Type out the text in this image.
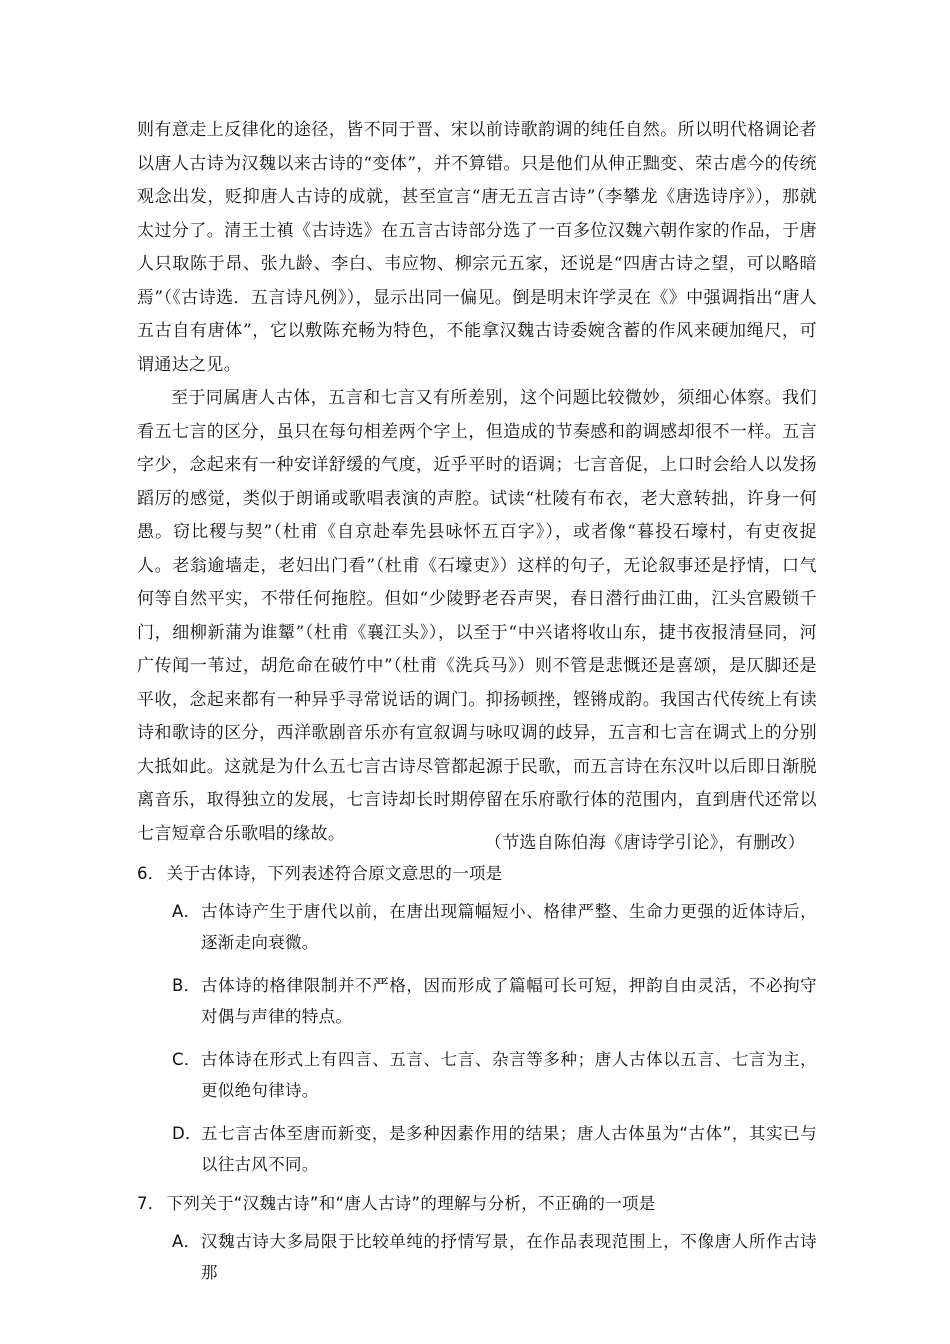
则有意走上反律化的途径，皆不同于晋、宋以前诗歌韵调的纯任自然。所以明代格调论者以唐人古诗为汉魏以来古诗的“变体”，并不算错。只是他们从伸正黜变、荣古虐今的传统观念出发，贬抑唐人古诗的成就，甚至宣言“唐无五言古诗”（李攀龙《唐选诗序》），那就太过分了。清王士禛《古诗选》在五言古诗部分选了一百多位汉魏六朝作家的作品，于唐人只取陈于昂、张九龄、李白、韦应物、柳宗元五家，还说是“四唐古诗之望，可以略暗焉”（《古诗选．五言诗凡例》），显示出同一偏见。倒是明末许学灵在《》中强调指出“唐人五古自有唐体”，它以敷陈充畅为特色，不能拿汉魏古诗委婉含蓄的作风来硬加绳尺，可谓通达之见。

至于同属唐人古体，五言和七言又有所差别，这个问题比较微妙，须细心体察。我们看五七言的区分，虽只在每句相差两个字上，但造成的节奏感和韵调感却很不一样。五言字少，念起来有一种安详舒缓的气度，近乎平时的语调；七言音促，上口时会给人以发扬蹈厉的感觉，类似于朗诵或歌唱表演的声腔。试读“杜陵有布衣，老大意转拙，许身一何愚。窃比稷与契”（杜甫《自京赴奉先县咏怀五百字》），或者像“暮投石壕村，有吏夜捉人。老翁逾墙走，老妇出门看”（杜甫《石壕吏》）这样的句子，无论叙事还是抒情，口气何等自然平实，不带任何拖腔。但如“少陵野老吞声哭，春日潜行曲江曲，江头宫殿锁千门，细柳新蒲为谁颦”（杜甫《襄江头》），以至于“中兴诸将收山东，捷书夜报清昼同，河广传闻一苇过，胡危命在破竹中”（杜甫《洗兵马》）则不管是悲慨还是喜颂，是仄脚还是平收，念起来都有一种异乎寻常说话的调门。抑扬顿挫，铿锵成韵。我国古代传统上有读诗和歌诗的区分，西洋歌剧音乐亦有宣叙调与咏叹调的歧异，五言和七言在调式上的分别大抵如此。这就是为什么五七言古诗尽管都起源于民歌，而五言诗在东汉叶以后即日渐脱离音乐，取得独立的发展，七言诗却长时期停留在乐府歌行体的范围内，直到唐代还常以七言短章合乐歌唱的缘故。	（节选自陈伯海《唐诗学引论》，有删改）

6． 关于古体诗，下列表述符合原文意思的一项是

A． 古体诗产生于唐代以前，在唐出现篇幅短小、格律严整、生命力更强的近体诗后，逐渐走向衰微。

B． 古体诗的格律限制并不严格，因而形成了篇幅可长可短，押韵自由灵活，不必拘守对偶与声律的特点。

C． 古体诗在形式上有四言、五言、七言、杂言等多种；唐人古体以五言、七言为主，更似绝句律诗。

D． 五七言古体至唐而新变，是多种因素作用的结果；唐人古体虽为“古体”，其实已与以往古风不同。

7． 下列关于“汉魏古诗”和“唐人古诗”的理解与分析，不正确的一项是

A． 汉魏古诗大多局限于比较单纯的抒情写景，在作品表现范围上，不像唐人所作古诗那
